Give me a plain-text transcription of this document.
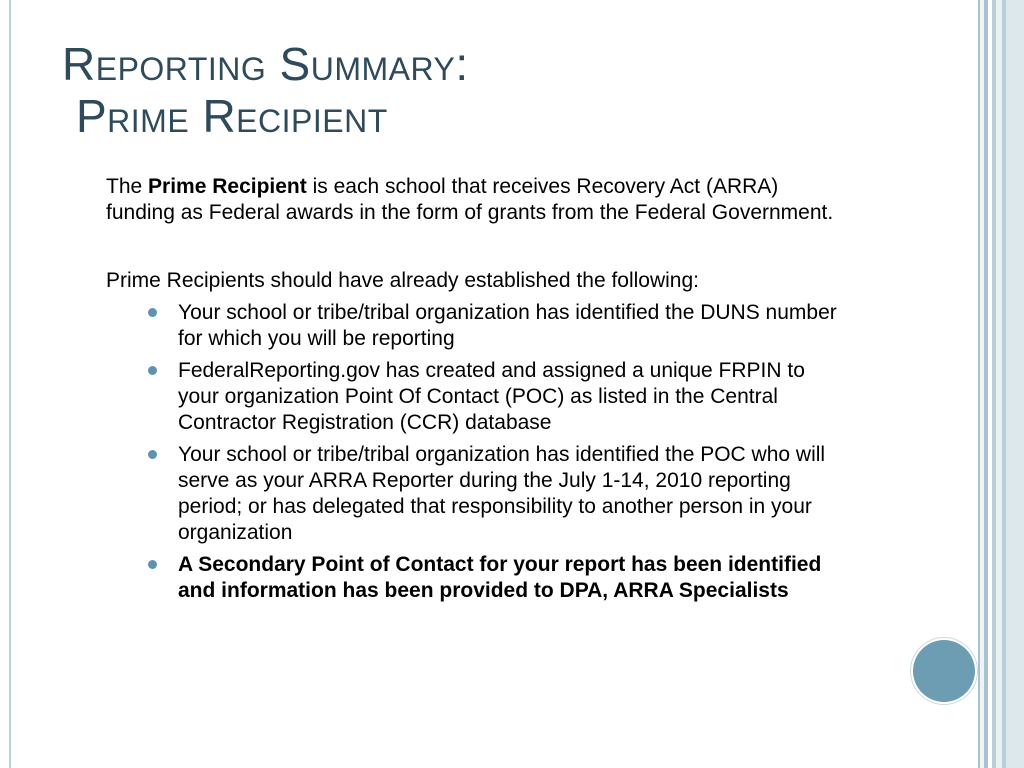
Reporting Summary:
Prime Recipient

The Prime Recipient is each school that receives Recovery Act (ARRA) funding as Federal awards in the form of grants from the Federal Government.

Prime Recipients should have already established the following:

Your school or tribe/tribal organization has identified the DUNS number for which you will be reporting
FederalReporting.gov has created and assigned a unique FRPIN to your organization Point Of Contact (POC) as listed in the Central Contractor Registration (CCR) database
Your school or tribe/tribal organization has identified the POC who will serve as your ARRA Reporter during the July 1-14, 2010 reporting period; or has delegated that responsibility to another person in your organization
A Secondary Point of Contact for your report has been identified and information has been provided to DPA, ARRA Specialists
